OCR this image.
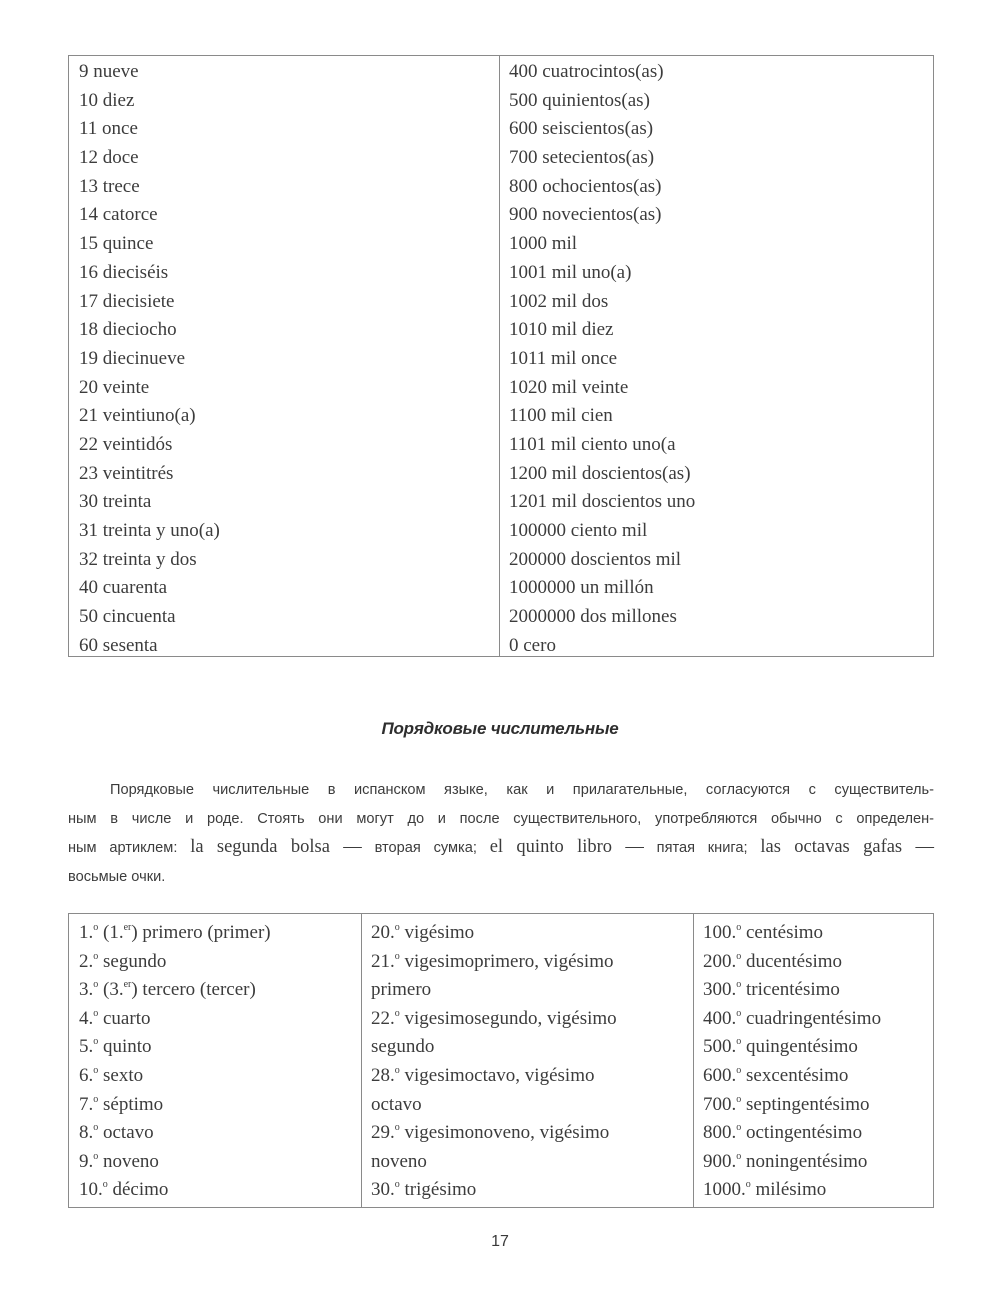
9 nueve
10 diez
11 once
12 doce
13 trece
14 catorce
15 quince
16 dieciséis
17 diecisiete
18 dieciocho
19 diecinueve
20 veinte
21 veintiuno(a)
22 veintidós
23 veintitrés
30 treinta
31 treinta y uno(a)
32 treinta y dos
40 cuarenta
50 cincuenta
60 sesenta
400 cuatrocintos(as)
500 quinientos(as)
600 seiscientos(as)
700 setecientos(as)
800 ochocientos(as)
900 novecientos(as)
1000 mil
1001 mil uno(a)
1002 mil dos
1010 mil diez
1011 mil once
1020 mil veinte
1100 mil cien
1101 mil ciento uno(a
1200 mil doscientos(as)
1201 mil doscientos uno
100000 ciento mil
200000 doscientos mil
1000000 un millón
2000000 dos millones
0 cero
Порядковые числительные
Порядковые числительные в испанском языке, как и прилагательные, согласуются с существитель-
ным в числе и роде. Стоять они могут до и после существительного, употребляются обычно с определен-
ным артиклем: la segunda bolsa — вторая сумка; el quinto libro — пятая книга; las octavas gafas —
восьмые очки.
1.$^o$ (1.$^{er}$) primero (primer)
2.$^o$ segundo
3.$^o$ (3.$^{er}$) tercero (tercer)
4.$^o$ cuarto
5.$^o$ quinto
6.$^o$ sexto
7.$^o$ séptimo
8.$^o$ octavo
9.$^o$ noveno
10.$^o$ décimo
20.$^o$ vigésimo
21.$^o$ vigesimoprimero, vigésimo
primero
22.$^o$ vigesimosegundo, vigésimo
segundo
28.$^o$ vigesimoctavo, vigésimo
octavo
29.$^o$ vigesimonoveno, vigésimo
noveno
30.$^o$ trigésimo
100.$^o$ centésimo
200.$^o$ ducentésimo
300.$^o$ tricentésimo
400.$^o$ cuadringentésimo
500.$^o$ quingentésimo
600.$^o$ sexcentésimo
700.$^o$ septingentésimo
800.$^o$ octingentésimo
900.$^o$ noningentésimo
1000.$^o$ milésimo
17
